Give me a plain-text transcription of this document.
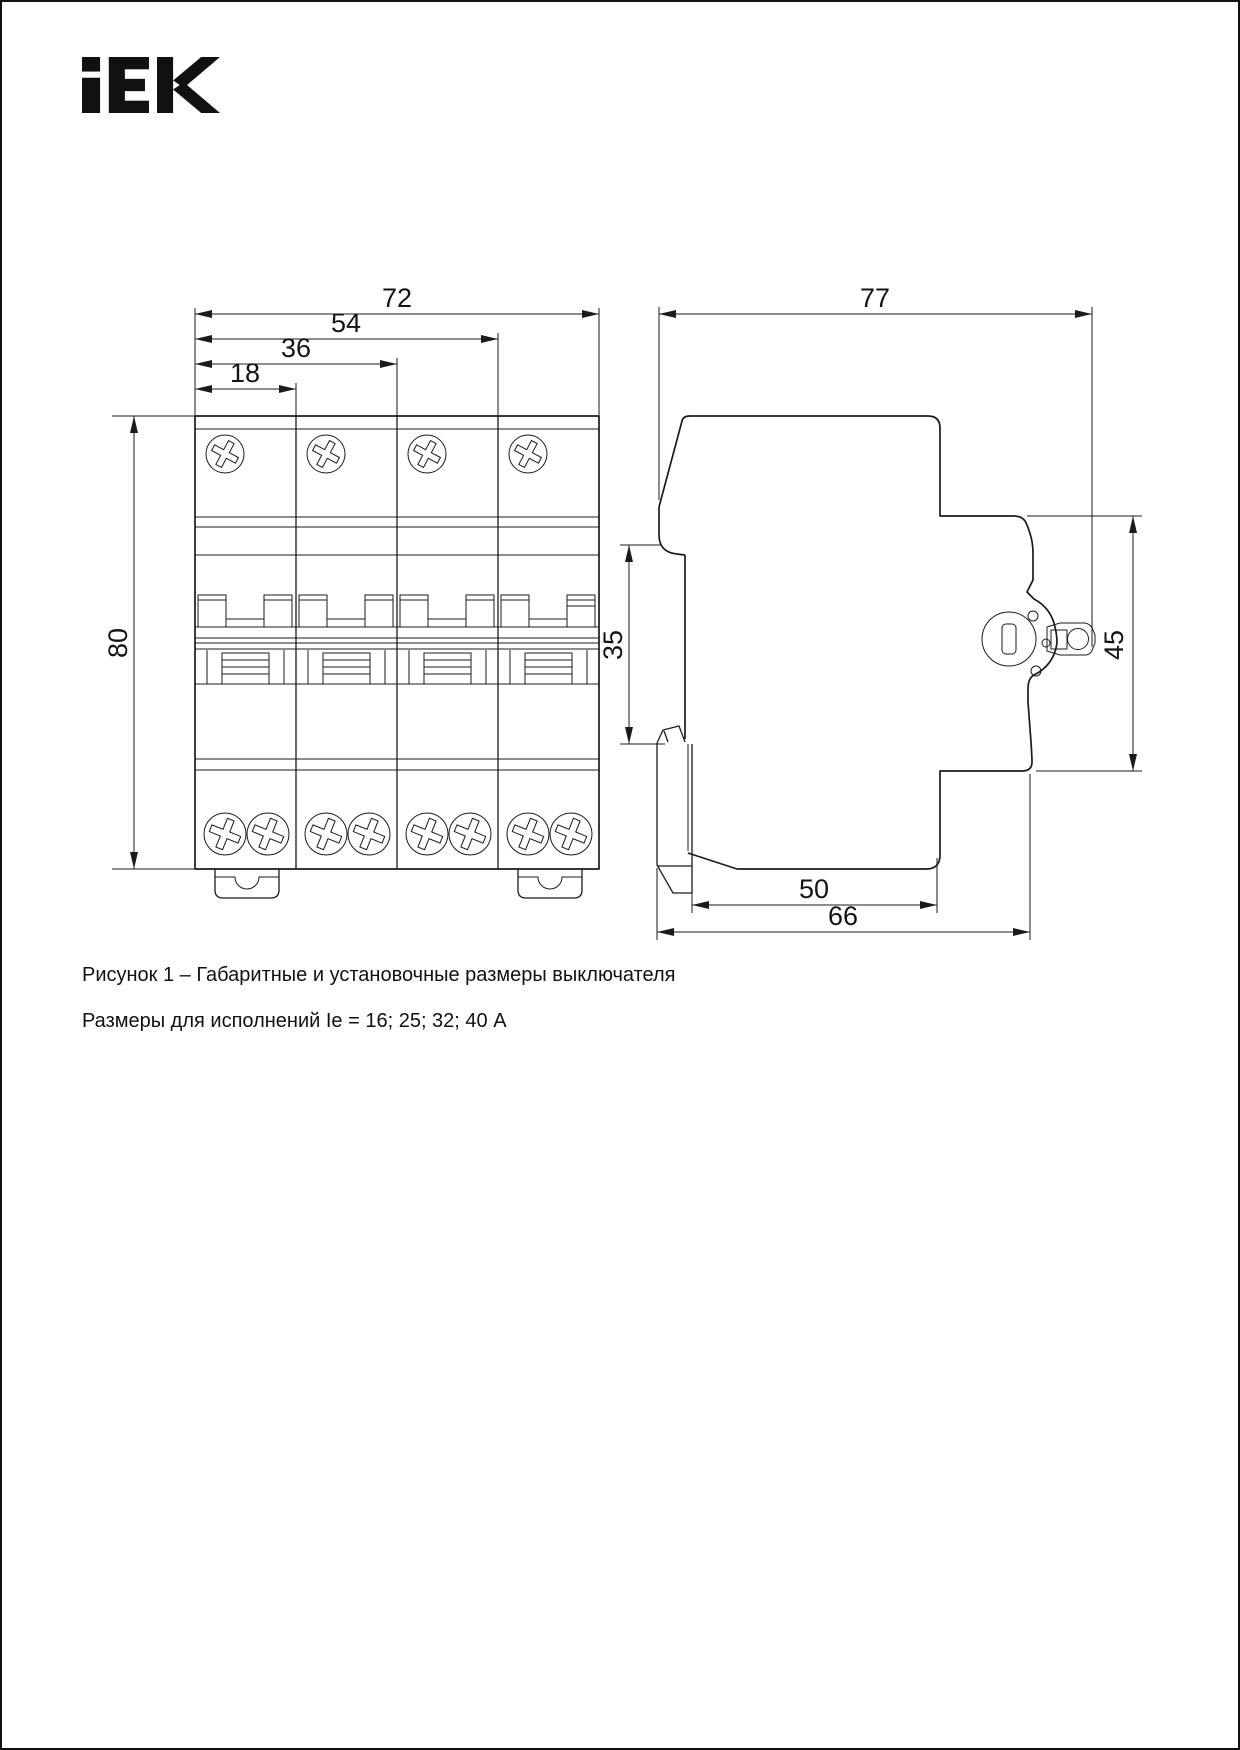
72
54
36
18
80
77
35	45
50
66

Рисунок 1 – Габаритные и установочные размеры выключателя

Размеры для исполнений Ie = 16; 25; 32; 40 А
